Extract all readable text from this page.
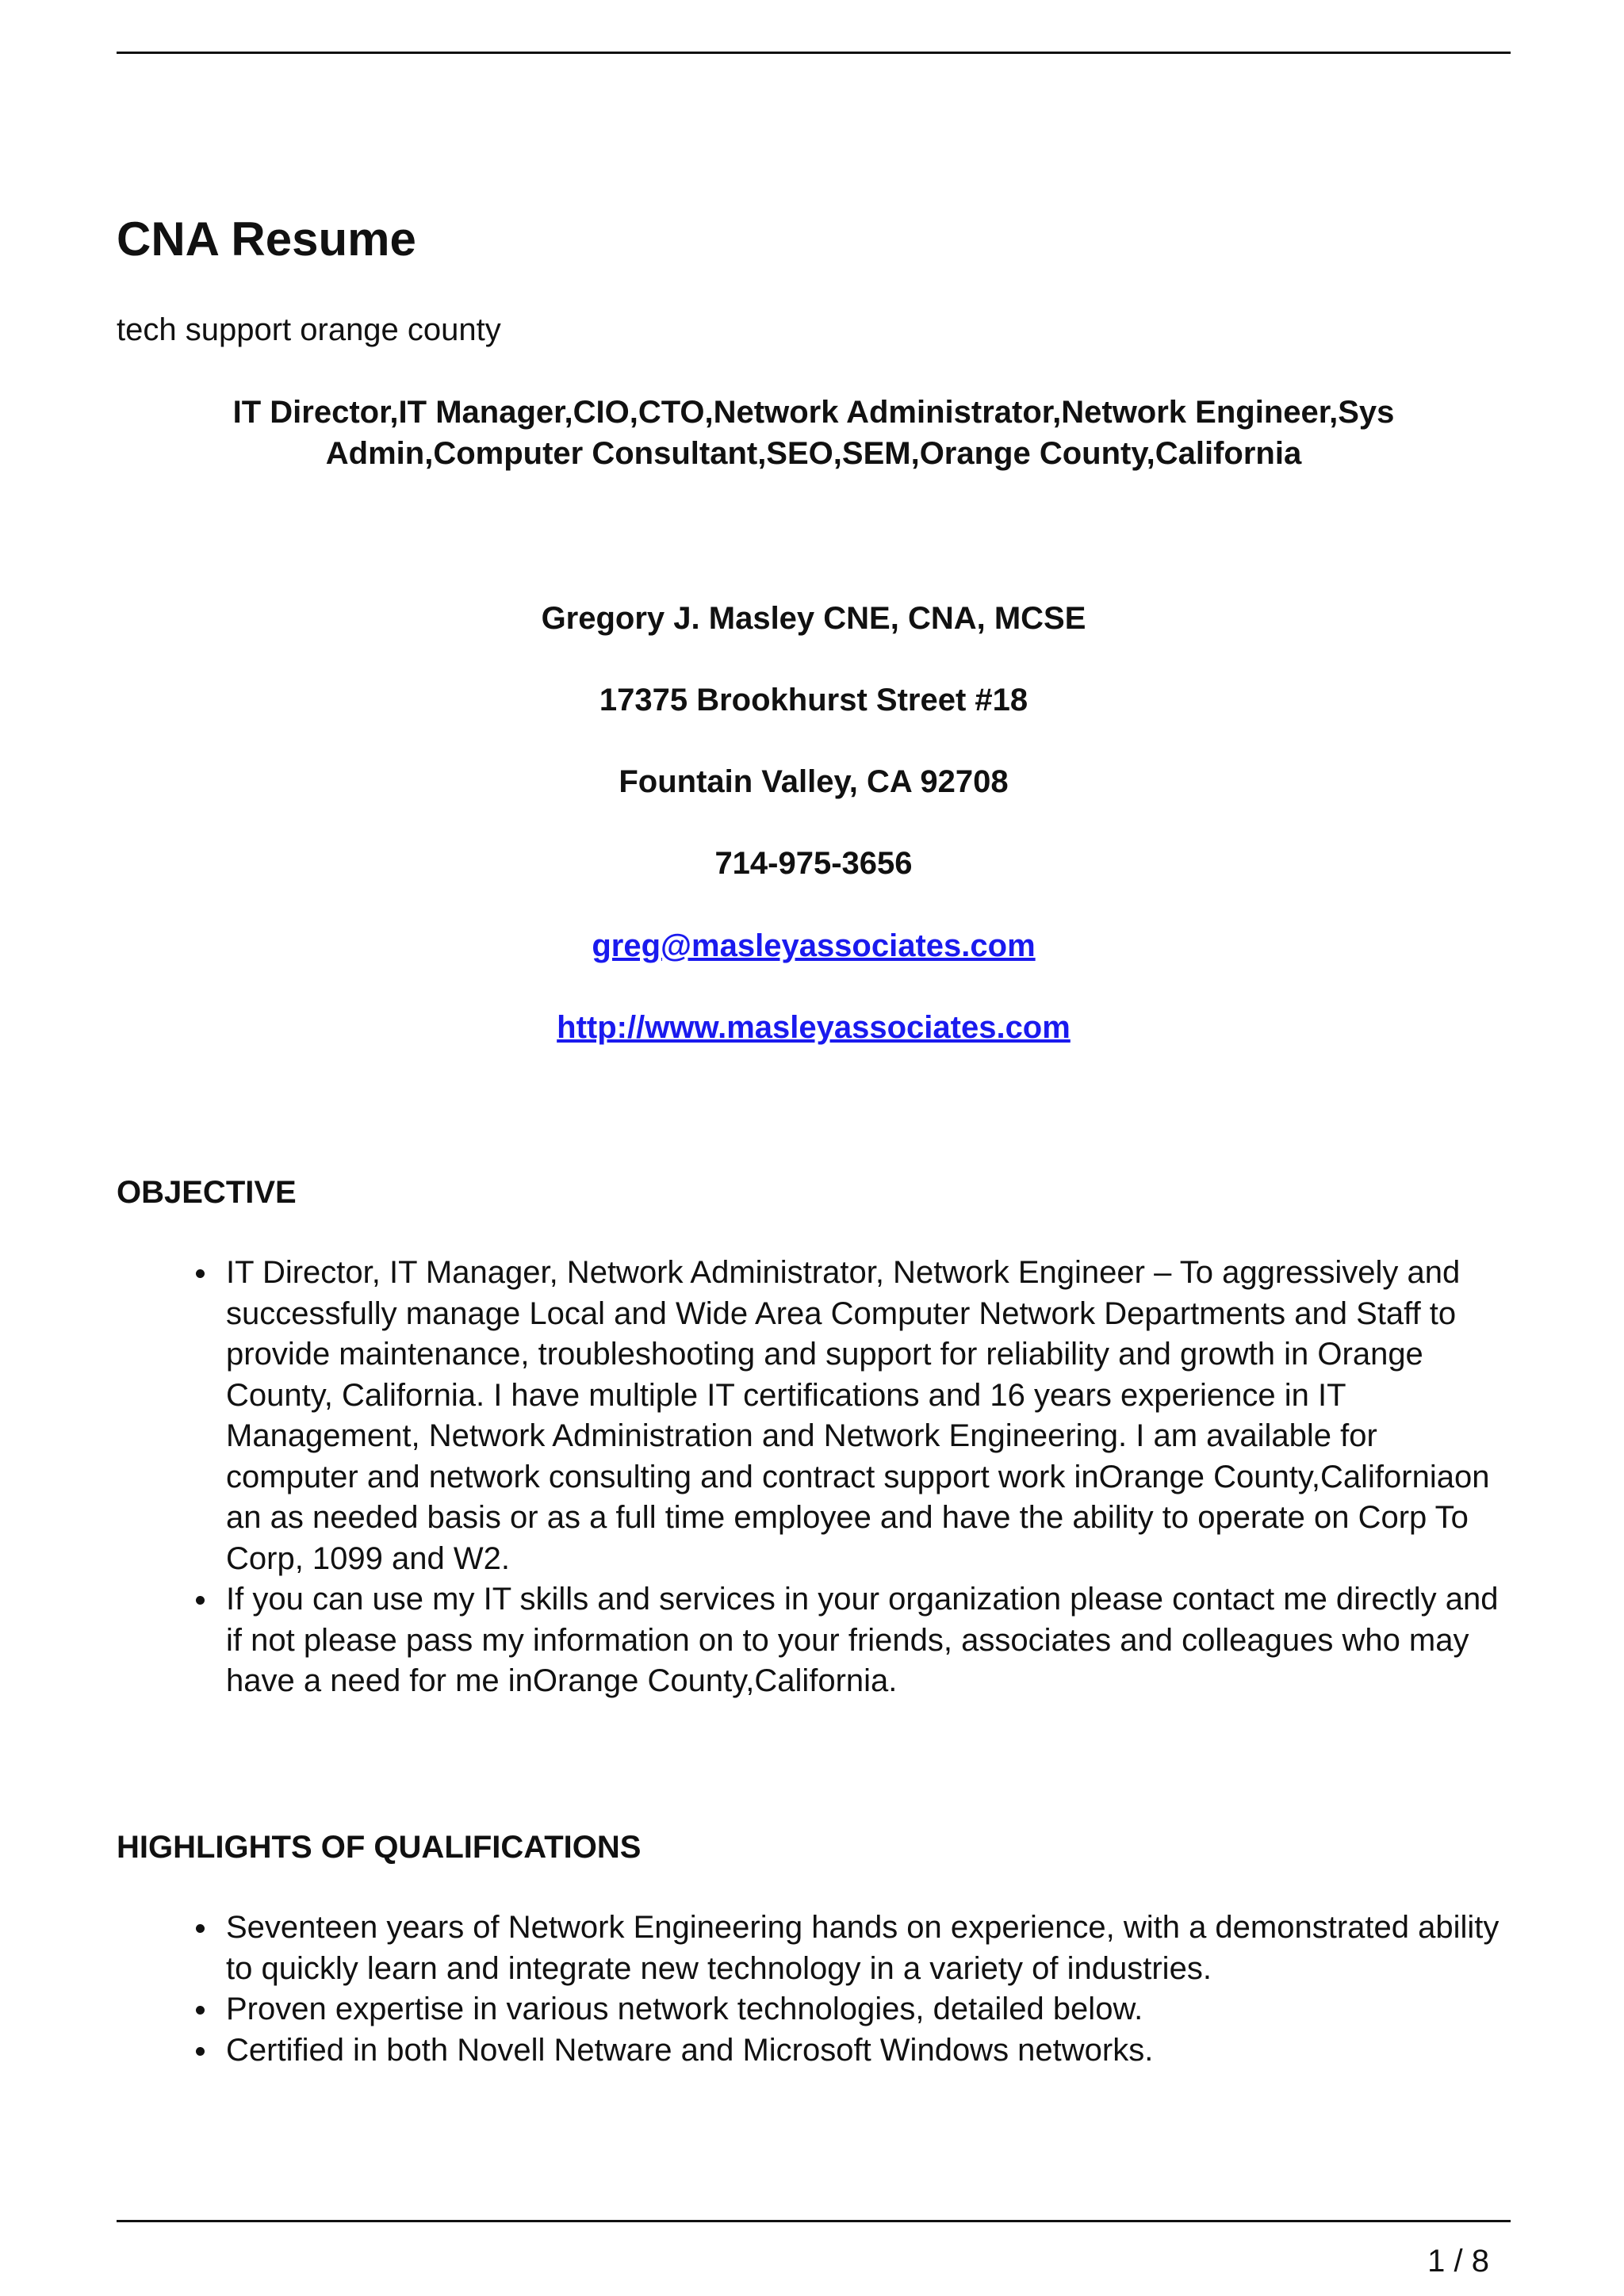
CNA Resume
tech support orange county
IT Director,IT Manager,CIO,CTO,Network Administrator,Network Engineer,Sys Admin,Computer Consultant,SEO,SEM,Orange County,California
Gregory J. Masley CNE, CNA, MCSE
17375 Brookhurst Street #18
Fountain Valley, CA 92708
714-975-3656
greg@masleyassociates.com
http://www.masleyassociates.com
OBJECTIVE
IT Director, IT Manager, Network Administrator, Network Engineer – To aggressively and successfully manage Local and Wide Area Computer Network Departments and Staff to provide maintenance, troubleshooting and support for reliability and growth in Orange County, California. I have multiple IT certifications and 16 years experience in IT Management, Network Administration and Network Engineering. I am available for computer and network consulting and contract support work inOrange County,Californiaon an as needed basis or as a full time employee and have the ability to operate on Corp To Corp, 1099 and W2.
If you can use my IT skills and services in your organization please contact me directly and if not please pass my information on to your friends, associates and colleagues who may have a need for me inOrange County,California.
HIGHLIGHTS OF QUALIFICATIONS
Seventeen years of Network Engineering hands on experience, with a demonstrated ability to quickly learn and integrate new technology in a variety of industries.
Proven expertise in various network technologies, detailed below.
Certified in both Novell Netware and Microsoft Windows networks.
1 / 8
